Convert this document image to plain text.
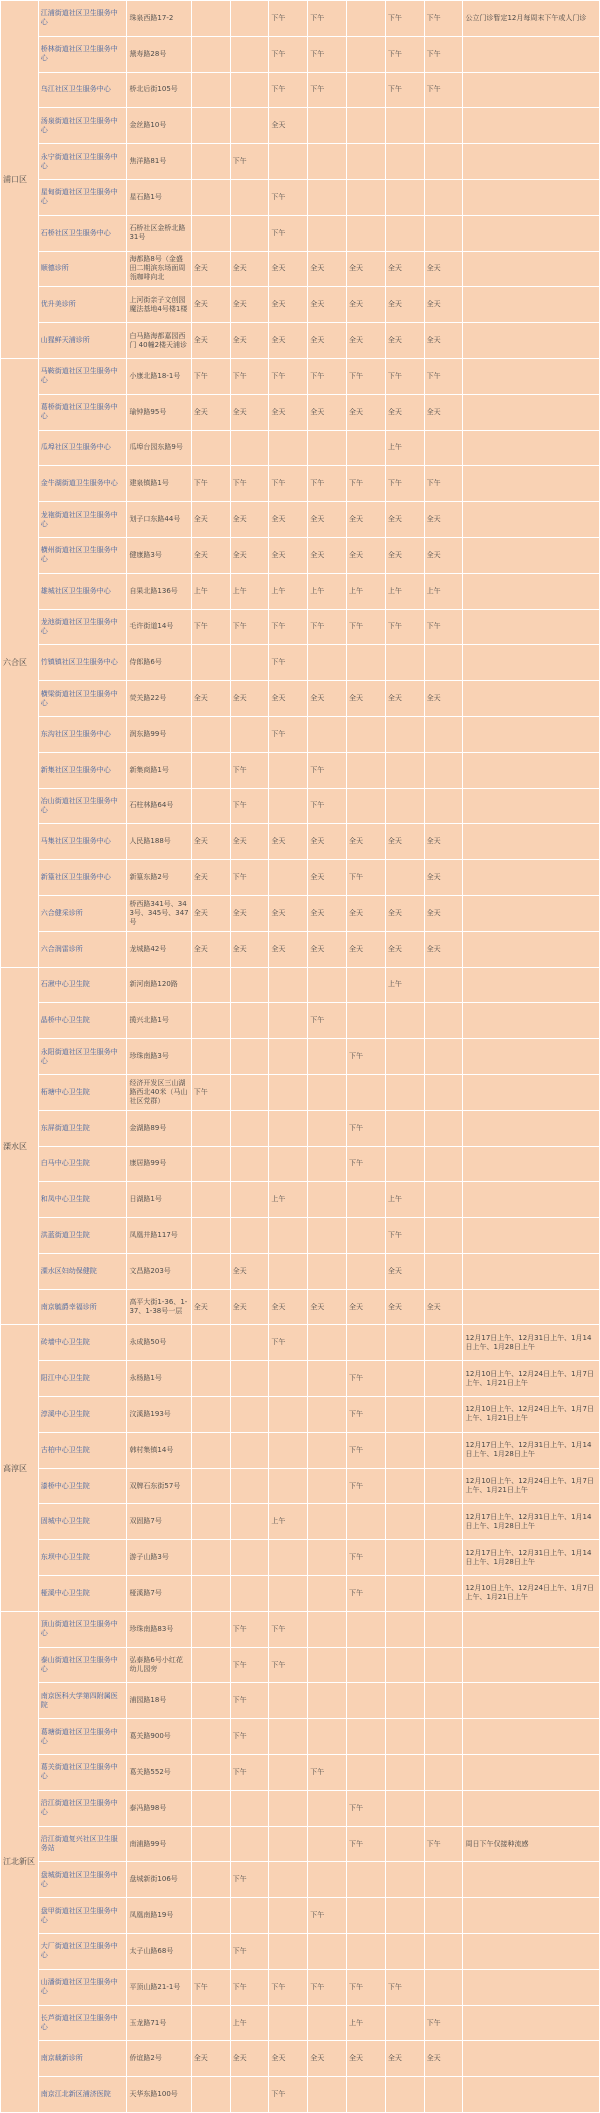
浦口区	江浦街道社区卫生服务中心	珠泉西路17-2			下午	下午		下午	下午	公立门诊暂定12月每周末下午或人门诊
	桥林街道社区卫生服务中心	黛寿路28号			下午	下午		下午	下午	
	乌江社区卫生服务中心	桥北后街105号			下午	下午		下午	下午	
	汤泉街道社区卫生服务中心	金丝路10号			全天					
	永宁街道社区卫生服务中心	焦洋路81号		下午						
	星甸街道社区卫生服务中心	星石路1号			下午					
	石桥社区卫生服务中心	石桥社区金桥北路31号			下午					
	顺德诊所	海都路8号（金盛田二期滨东场面周瓴咖啡向北	全天	全天	全天	全天	全天	全天	全天	
	优升美诊所	上河街亲子文创园魔法基地4号楼1楼	全天	全天	全天	全天	全天	全天	全天	
	山猩鲜天浦诊所	白马路海都嘉园西门 40幢2楼天浦诊	全天	全天	全天	全天	全天	全天	全天	
六合区	马鞍街道社区卫生服务中心	小康北路18-1号	下午	下午	下午	下午	下午	下午	下午	
	葛桥街道社区卫生服务中心	瑜钟路95号	全天	全天	全天	全天	全天	全天	全天	
	瓜埠社区卫生服务中心	瓜埠台园东路9号						上午		
	金牛湖街道卫生服务中心	建泉镇路1号	下午	下午	下午	下午	下午	下午	下午	
	龙袍街道社区卫生服务中心	划子口东路44号	全天	全天	全天	全天	全天	全天	全天	
	横州街道社区卫生服务中心	健康路3号	全天	全天	全天	全天	全天	全天	全天	
	雄城社区卫生服务中心	自果北路136号	上午	上午	上午	上午	上午	上午	上午	
	龙池街道社区卫生服务中心	毛许街道14号	下午	下午	下午	下午	下午	下午	下午	
	竹镇镇社区卫生服务中心	侍郎路6号			下午					
	横梁街道社区卫生服务中心	荧关路22号	全天	全天	全天	全天	全天	全天	全天	
	东沟社区卫生服务中心	润东路99号			下午					
	新集社区卫生服务中心	新集商路1号		下午		下午				
	冶山街道社区卫生服务中心	石柱林路64号		下午		下午				
	马集社区卫生服务中心	人民路188号	全天	全天	全天	全天	全天	全天	全天	
	新篁社区卫生服务中心	新篁东路2号	全天	下午		全天	下午		全天	
	六合健采诊所	桥西路341号、343号、345号、347号	全天	全天	全天	全天	全天	全天	全天	
	六合润雷诊所	龙城路42号	全天	全天	全天	全天	全天	全天	全天	
溧水区	石湫中心卫生院	新河南路120路						上午		
	晶桥中心卫生院	揽兴北路1号				下午				
	永阳街道社区卫生服务中心	珍珠南路3号					下午			
	柘塘中心卫生院	经济开发区三山湖路西北40米（马山社区党群）	下午							
	东屏街道卫生院	金湖路89号					下午			
	白马中心卫生院	康居路99号					下午			
	和凤中心卫生院	日湖路1号			上午			上午		
	洪蓝街道卫生院	凤凰井路117号						下午		
	溧水区妇幼保健院	文昌路203号		全天				全天		
	南京毓爵幸福诊所	高平大街1-36、1-37、1-38号一层	全天	全天	全天	全天	全天	全天	全天	
高淳区	砖墙中心卫生院	永成路50号			下午					12月17日上午、12月31日上午、1月14日上午、1月28日上午
	阳江中心卫生院	永杨路1号					下午			12月10日上午、12月24日上午、1月7日上午、1月21日上午
	淳溪中心卫生院	汶溪路193号					下午			12月10日上午、12月24日上午、1月7日上午、1月21日上午
	古柏中心卫生院	韩村集镇14号					下午			12月17日上午、12月31日上午、1月14日上午、1月28日上午
	漆桥中心卫生院	双牌石东街57号					下午			12月10日上午、12月24日上午、1月7日上午、1月21日上午
	固城中心卫生院	双固路7号			上午					12月17日上午、12月31日上午、1月14日上午、1月28日上午
	东坝中心卫生院	游子山路3号					下午			12月17日上午、12月31日上午、1月14日上午、1月28日上午
	桠溪中心卫生院	桠溪路7号					下午			12月10日上午、12月24日上午、1月7日上午、1月21日上午
江北新区	顶山街道社区卫生服务中心	珍珠南路83号		下午	下午					
	泰山街道社区卫生服务中心	弘泰路6号小红花幼儿园旁		下午	下午					
	南京医科大学第四附属医院	浦园路18号		下午						
	葛塘街道社区卫生服务中心	葛关路900号		下午						
	葛关街道社区卫生服务中心	葛关路552号		下午		下午				
	沿江街道社区卫生服务中心	泰冯路98号					下午			
	沿江街道复兴社区卫生服务站	南浦路99号					下午		下午	周日下午仅接种流感
	盘城街道社区卫生服务中心	盘城新街106号		下午						
	盘甲街道社区卫生服务中心	凤凰南路19号				下午				
	大厂街道社区卫生服务中心	太子山路68号		下午						
	山潘街道社区卫生服务中心	平顶山路21-1号	下午	下午	下午	下午	下午	下午		
	长芦街道社区卫生服务中心	玉龙路71号		上午			上午		下午	
	南京载新诊所	侨谊路2号	全天	全天	全天	全天	全天	全天	全天	
	南京江北新区浦济医院	天华东路100号			下午					
